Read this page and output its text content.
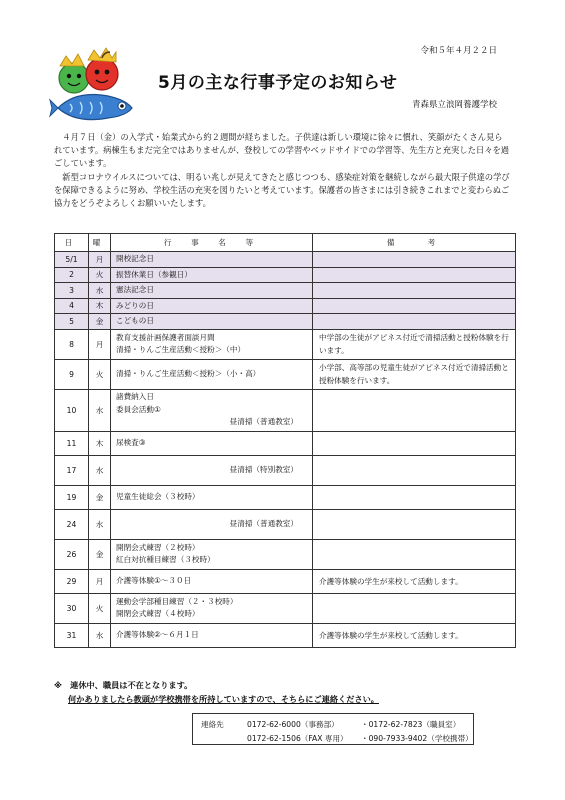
令和５年４月２２日
5月の主な行事予定のお知らせ
青森県立浪岡養護学校

４月７日（金）の入学式・始業式から約２週間が経ちました。子供達は新しい環境に徐々に慣れ、笑顔がたくさん見られています。病棟生もまだ完全ではありませんが、登校しての学習やベッドサイドでの学習等、先生方と充実した日々を過ごしています。

新型コロナウイルスについては、明るい兆しが見えてきたと感じつつも、感染症対策を継続しながら最大限子供達の学びを保障できるように努め、学校生活の充実を図りたいと考えています。保護者の皆さまには引き続きこれまでと変わらぬご協力をどうぞよろしくお願いいたします。

日	曜	行　事　名　等	備　　考
5/1	月	開校記念日	

2	火	振替休業日（参観日）	

3	水	憲法記念日	

4	木	みどりの日	

5	金	こどもの日	

8	月	教育支援計画保護者面談月間
清掃・りんご生産活動＜授粉＞（中）	中学部の生徒がアピネス付近で清掃活動と授粉体験を行います。
9	火	清掃・りんご生産活動＜授粉＞（小・高）	小学部、高等部の児童生徒がアピネス付近で清掃活動と授粉体験を行います。
10	水	諸費納入日
委員会活動①
昼清掃（普通教室）	

11	木	尿検査③	

17	水	昼清掃（特別教室）	

19	金	児童生徒総会（３校時）	

24	水	昼清掃（普通教室）	

26	金	開閉会式練習（２校時）
紅白対抗種目練習（３校時）	

29	月	介護等体験①～３０日	介護等体験の学生が来校して活動します。
30	火	運動会学部種目練習（２・３校時）
開閉会式練習（４校時）	

31	水	介護等体験②～６月１日	介護等体験の学生が来校して活動します。
※　連休中、職員は不在となります。
何かありましたら教頭が学校携帯を所持していますので、そちらにご連絡ください。
連絡先	0172-62-6000（事務部）	・0172-62-7823（職員室）
0172-62-1506（FAX 専用） ・090-7933-9402（学校携帯）
